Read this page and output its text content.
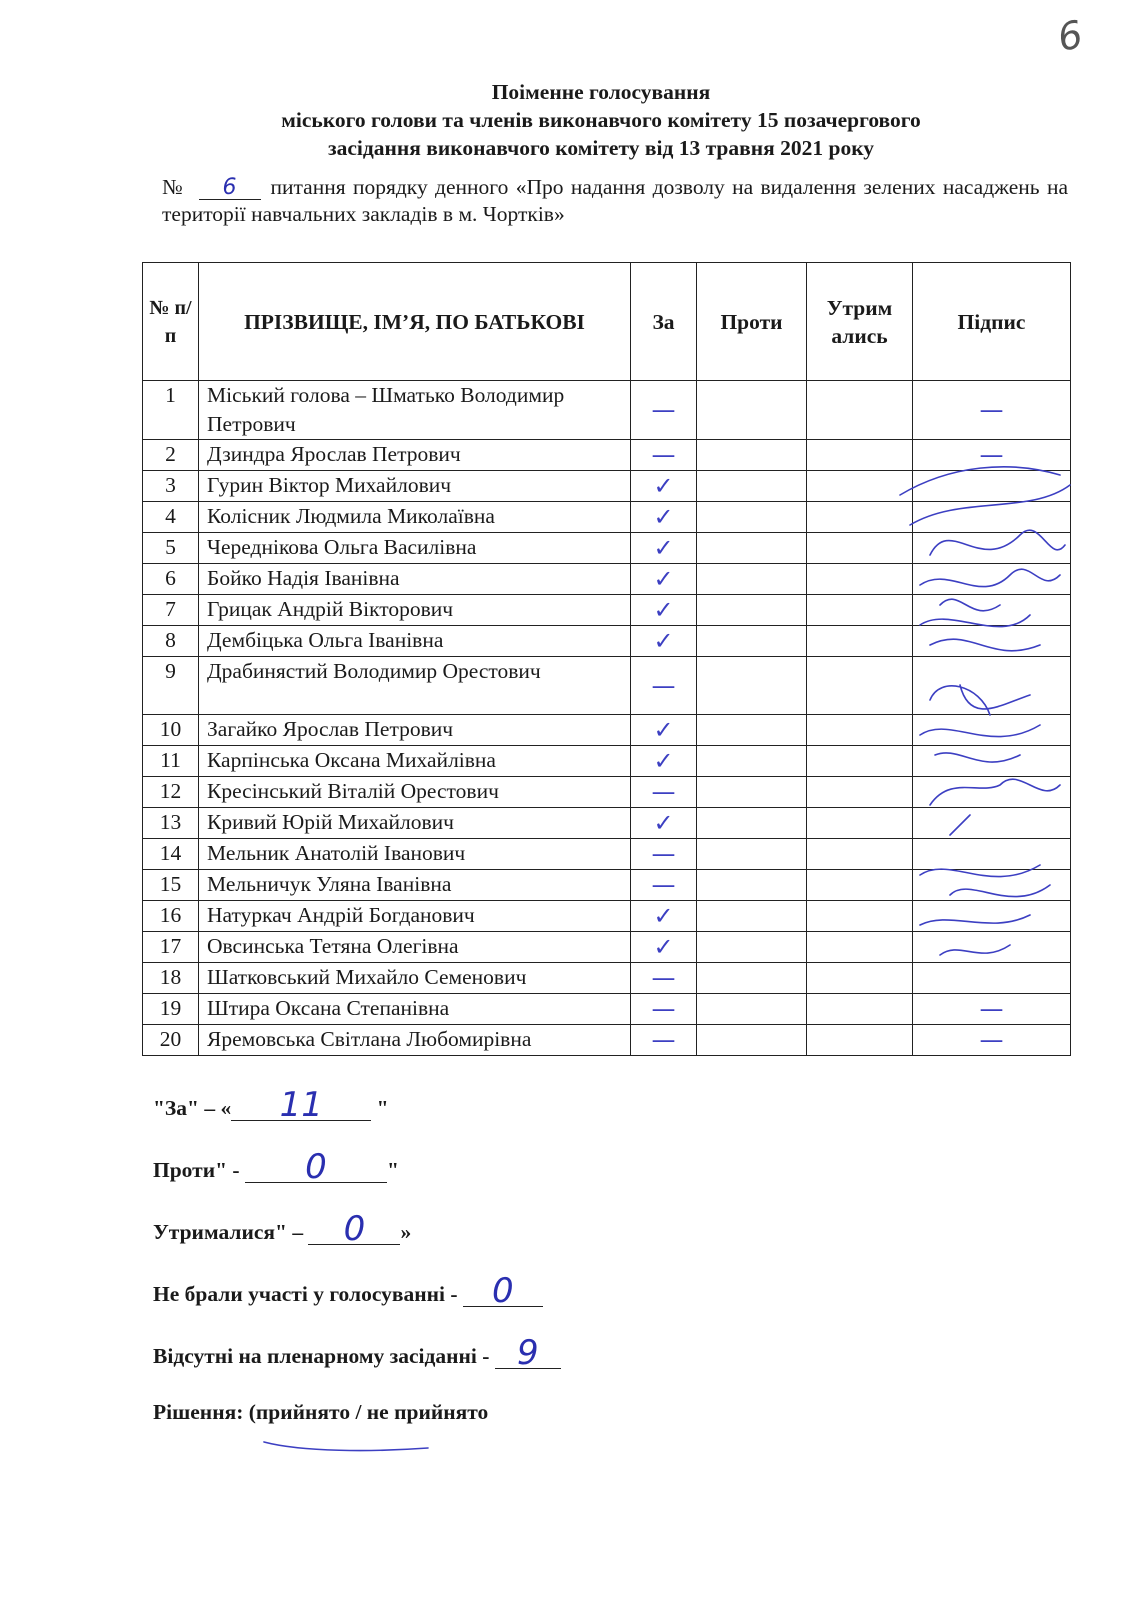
6
Поіменне голосування
міського голови та членів виконавчого комітету 15 позачергового
засідання виконавчого комітету від 13 травня 2021 року
№ 6 питання порядку денного «Про надання дозволу на видалення зелених насаджень на території навчальних закладів в м. Чортків»
№ п/п	ПРІЗВИЩЕ, ІМ’Я, ПО БАТЬКОВІ	За	Проти	Утрим ались	Підпис
1	Міський голова – Шматько Володимир Петрович	—			—

2	Дзиндра Ярослав Петрович	—			—

3	Гурин Віктор Михайлович	✓			

4	Колісник Людмила Миколаївна	✓			

5	Череднікова Ольга Василівна	✓			

6	Бойко Надія Іванівна	✓			

7	Грицак Андрій Вікторович	✓			

8	Дембіцька Ольга Іванівна	✓			

9	Драбинястий Володимир Орестович	—			

10	Загайко Ярослав Петрович	✓			

11	Карпінська Оксана Михайлівна	✓			

12	Кресінський Віталій Орестович	—			

13	Кривий Юрій Михайлович	✓			

14	Мельник Анатолій Іванович	—			

15	Мельничук Уляна Іванівна	—			

16	Натуркач Андрій Богданович	✓			

17	Овсинська Тетяна Олегівна	✓			

18	Шатковський Михайло Семенович	—			

19	Штира Оксана Степанівна	—			—

20	Яремовська Світлана Любомирівна	—			—
"За" – « 11 "
Проти" - 0	"
Утрималися" – 0 »
Не брали участі у голосуванні - 0
Відсутні на пленарному засіданні - 9
Рішення: (прийнято / не прийнято
